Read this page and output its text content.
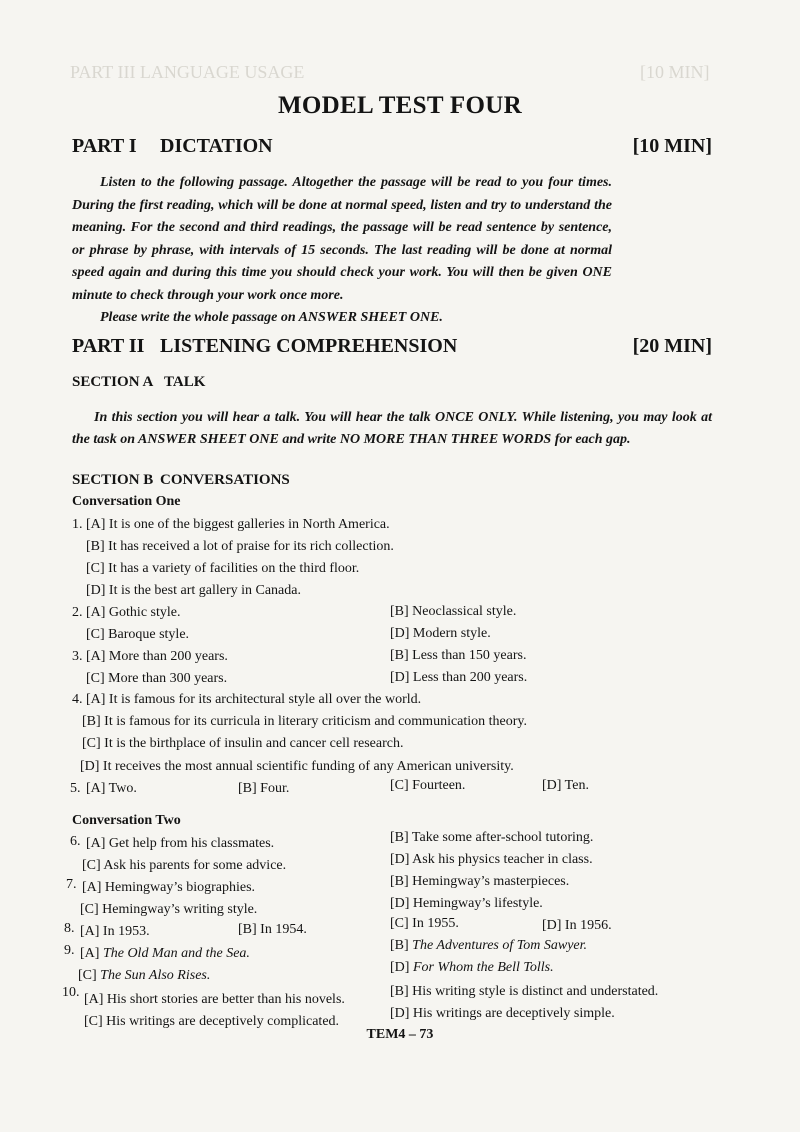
PART III LANGUAGE USAGE	[10 MIN]
MODEL TEST FOUR
PART I DICTATION	[10 MIN]

Listen to the following passage. Altogether the passage will be read to you four times. During the first reading, which will be done at normal speed, listen and try to understand the meaning. For the second and third readings, the passage will be read sentence by sentence, or phrase by phrase, with intervals of 15 seconds. The last reading will be done at normal speed again and during this time you should check your work. You will then be given ONE minute to check through your work once more.

Please write the whole passage on ANSWER SHEET ONE.

PART II LISTENING COMPREHENSION	[20 MIN]
SECTION A TALK

In this section you will hear a talk. You will hear the talk ONCE ONLY. While listening, you may look at the task on ANSWER SHEET ONE and write NO MORE THAN THREE WORDS for each gap.

SECTION B CONVERSATIONS
Conversation One
1. [A] It is one of the biggest galleries in North America.
[B] It has received a lot of praise for its rich collection.
[C] It has a variety of facilities on the third floor.
[D] It is the best art gallery in Canada.
2. [A] Gothic style.	[B] Neoclassical style.
[C] Baroque style.	[D] Modern style.
3. [A] More than 200 years.	[B] Less than 150 years.
[C] More than 300 years.	[D] Less than 200 years.
4. [A] It is famous for its architectural style all over the world.
[B] It is famous for its curricula in literary criticism and communication theory.
[C] It is the birthplace of insulin and cancer cell research.
[D] It receives the most annual scientific funding of any American university.
5. [A] Two.	[B] Four.	[C] Fourteen.	[D] Ten.
Conversation Two
6. [A] Get help from his classmates.	[B] Take some after-school tutoring.
[C] Ask his parents for some advice.	[D] Ask his physics teacher in class.
7. [A] Hemingway’s biographies.	[B] Hemingway’s masterpieces.
[C] Hemingway’s writing style.	[D] Hemingway’s lifestyle.
8. [A] In 1953.	[B] In 1954.	[C] In 1955.	[D] In 1956.
9. [A] The Old Man and the Sea.
[B] The Adventures of Tom Sawyer.
[C] The Sun Also Rises.
[D] For Whom the Bell Tolls.
10. [A] His short stories are better than his novels.
[B] His writing style is distinct and understated.
[C] His writings are deceptively complicated.
[D] His writings are deceptively simple.
TEM4 – 73
